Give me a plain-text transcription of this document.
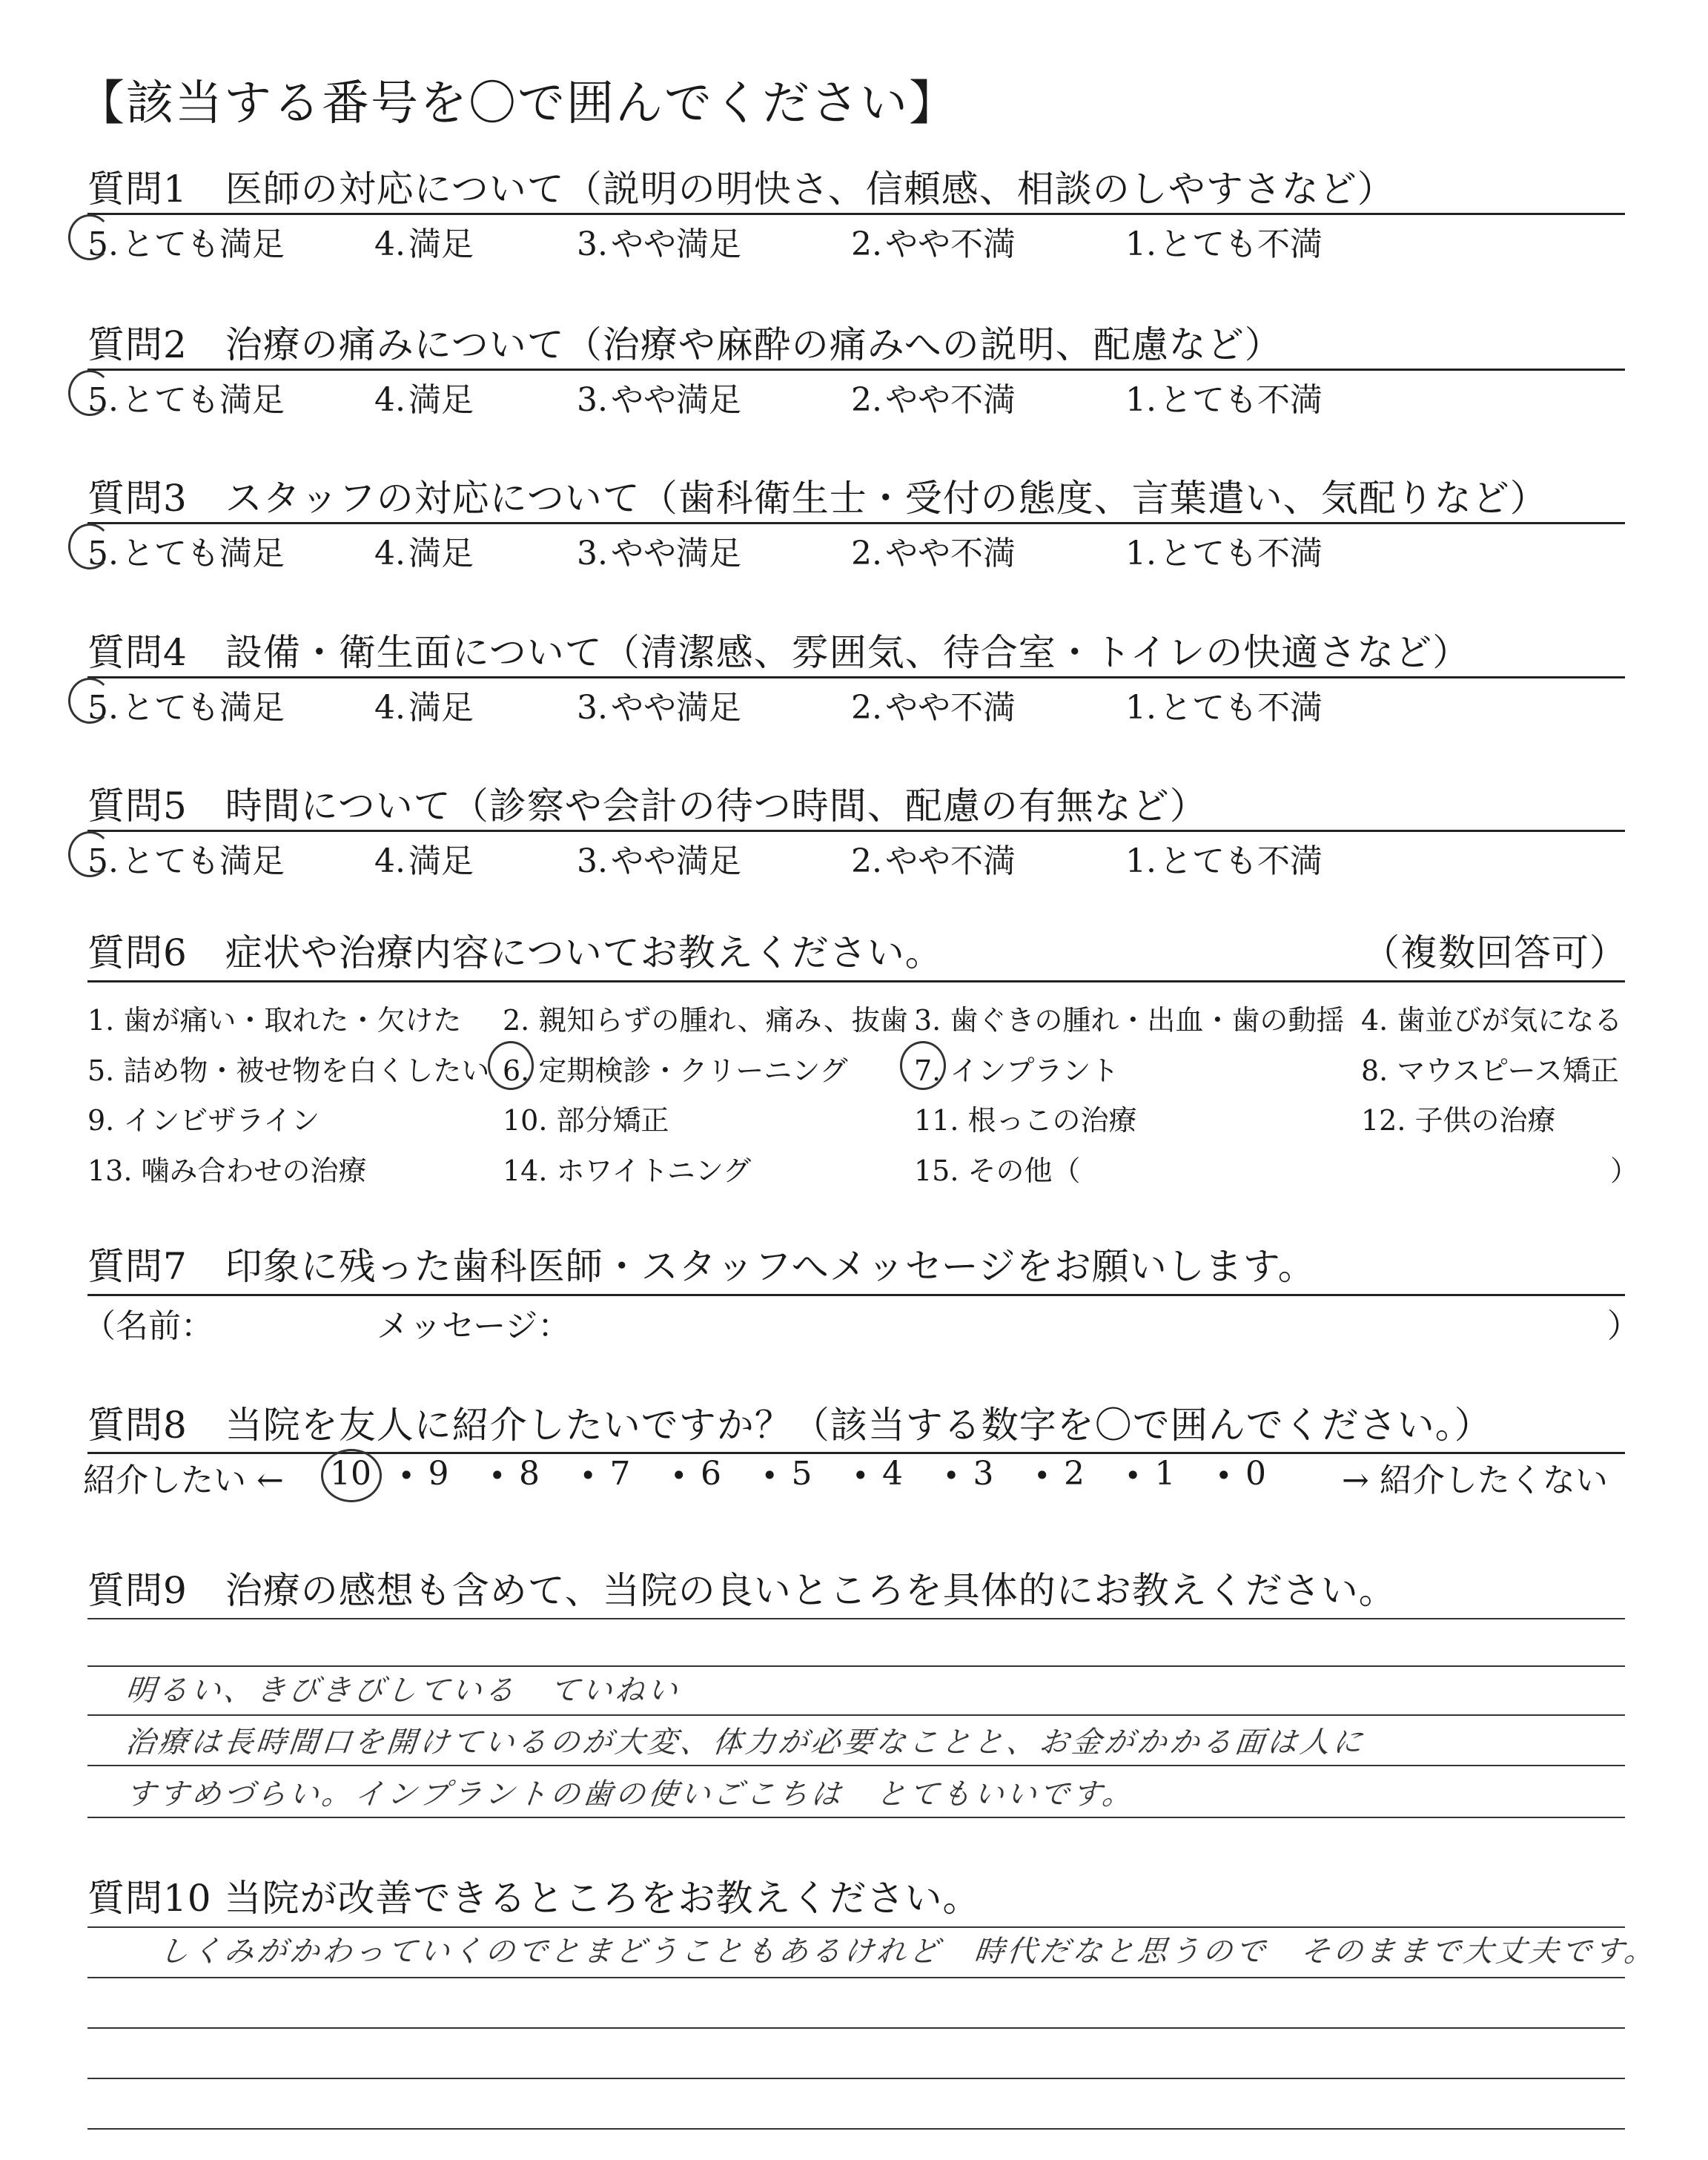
【該当する番号を〇で囲んでください】
質問1　医師の対応について（説明の明快さ、信頼感、相談のしやすさなど）
5.とても満足	4.満足	3.やや満足	2.やや不満	1.とても不満
質問2　治療の痛みについて（治療や麻酔の痛みへの説明、配慮など）
5.とても満足	4.満足	3.やや満足	2.やや不満	1.とても不満
質問3　スタッフの対応について（歯科衛生士・受付の態度、言葉遣い、気配りなど）
5.とても満足	4.満足	3.やや満足	2.やや不満	1.とても不満
質問4　設備・衛生面について（清潔感、雰囲気、待合室・トイレの快適さなど）
5.とても満足	4.満足	3.やや満足	2.やや不満	1.とても不満
質問5　時間について（診察や会計の待つ時間、配慮の有無など）
5.とても満足	4.満足	3.やや満足	2.やや不満	1.とても不満
質問6　症状や治療内容についてお教えください。	（複数回答可）
1. 歯が痛い・取れた・欠けた 2. 親知らずの腫れ、痛み、抜歯 3. 歯ぐきの腫れ・出血・歯の動揺 4. 歯並びが気になる
5. 詰め物・被せ物を白くしたい 6. 定期検診・クリーニング 7. インプラント	8. マウスピース矯正
9. インビザライン	10. 部分矯正	11. 根っこの治療	12. 子供の治療
13. 噛み合わせの治療	14. ホワイトニング	15. その他（	）
質問7　印象に残った歯科医師・スタッフへメッセージをお願いします。
（名前：	メッセージ：	）
質問8　当院を友人に紹介したいですか？（該当する数字を〇で囲んでください。）
紹介したい ←	→ 紹介したくない
10 • 9 • 8 • 7 • 6 • 5 • 4 • 3 • 2 • 1 • 0
質問9　治療の感想も含めて、当院の良いところを具体的にお教えください。
明るい、きびきびしている　ていねい
治療は長時間口を開けているのが大変、体力が必要なことと、お金がかかる面は人に
すすめづらい。インプラントの歯の使いごこちは　とてもいいです。
質問10 当院が改善できるところをお教えください。
しくみがかわっていくのでとまどうこともあるけれど　時代だなと思うので　そのままで大丈夫です。
